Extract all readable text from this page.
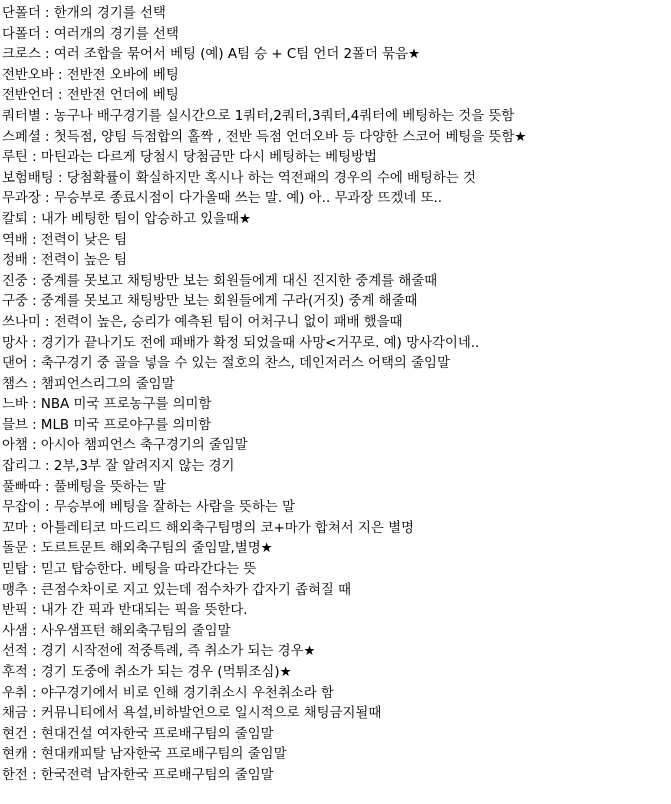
단폴더 : 한개의 경기를 선택
다폴더 : 여러개의 경기를 선택
크로스 : 여러 조합을 묶어서 베팅 (예) A팀 승 + C팀 언더 2폴더 묶음★
전반오바 : 전반전 오바에 베팅
전반언더 : 전반전 언더에 베팅
쿼터별 : 농구나 배구경기를 실시간으로 1쿼터,2쿼터,3쿼터,4쿼터에 베팅하는 것을 뜻함
스페셜 : 첫득점, 양팀 득점합의 홀짝 , 전반 득점 언더오바 등 다양한 스코어 베팅을 뜻함★
루틴 : 마틴과는 다르게 당첨시 당첨금만 다시 베팅하는 베팅방법
보험배팅 : 당첨확률이 확실하지만 혹시나 하는 역전패의 경우의 수에 배팅하는 것
무과장 : 무승부로 종료시점이 다가올때 쓰는 말. 예) 아.. 무과장 뜨겠네 또..
칼퇴 : 내가 베팅한 팀이 압승하고 있을때★
역배 : 전력이 낮은 팀
정배 : 전력이 높은 팀
진중 : 중계를 못보고 채팅방만 보는 회원들에게 대신 진지한 중계를 해줄때
구중 : 중계를 못보고 채팅방만 보는 회원들에게 구라(거짓) 중계 해줄때
쓰나미 : 전력이 높은, 승리가 예측된 팀이 어처구니 없이 패배 했을때
망사 : 경기가 끝나기도 전에 패배가 확정 되었을때 사망<거꾸로. 예) 망사각이네..
댄어 : 축구경기 중 골을 넣을 수 있는 절호의 찬스, 데인저러스 어택의 줄임말
챔스 : 챔피언스리그의 줄임말
느바 : NBA 미국 프로농구를 의미함
믈브 : MLB 미국 프로야구를 의미함
아챔 : 아시아 챔피언스 축구경기의 줄임말
잡리그 : 2부,3부 잘 알려지지 않는 경기
풀빠따 : 풀베팅을 뜻하는 말
무잡이 : 무승부에 베팅을 잘하는 사람을 뜻하는 말
꼬마 : 아틀레티코 마드리드 해외축구팀명의 코+마가 합쳐서 지은 별명
돌문 : 도르트문트 해외축구팀의 줄임말,별명★
믿탑 : 믿고 탑승한다. 베팅을 따라간다는 뜻
맹추 : 큰점수차이로 지고 있는데 점수차가 갑자기 좁혀질 때
반픽 : 내가 간 픽과 반대되는 픽을 뜻한다.
사샘 : 사우샘프턴 해외축구팀의 줄임말
선적 : 경기 시작전에 적중특례, 즉 취소가 되는 경우★
후적 : 경기 도중에 취소가 되는 경우 (먹튀조심)★
우취 : 야구경기에서 비로 인해 경기취소시 우천취소라 함
채금 : 커뮤니티에서 욕설,비하발언으로 일시적으로 채팅금지될때
현건 : 현대건설 여자한국 프로배구팀의 줄임말
현캐 : 현대캐피탈 남자한국 프로배구팀의 줄임말
한전 : 한국전력 남자한국 프로배구팀의 줄임말
